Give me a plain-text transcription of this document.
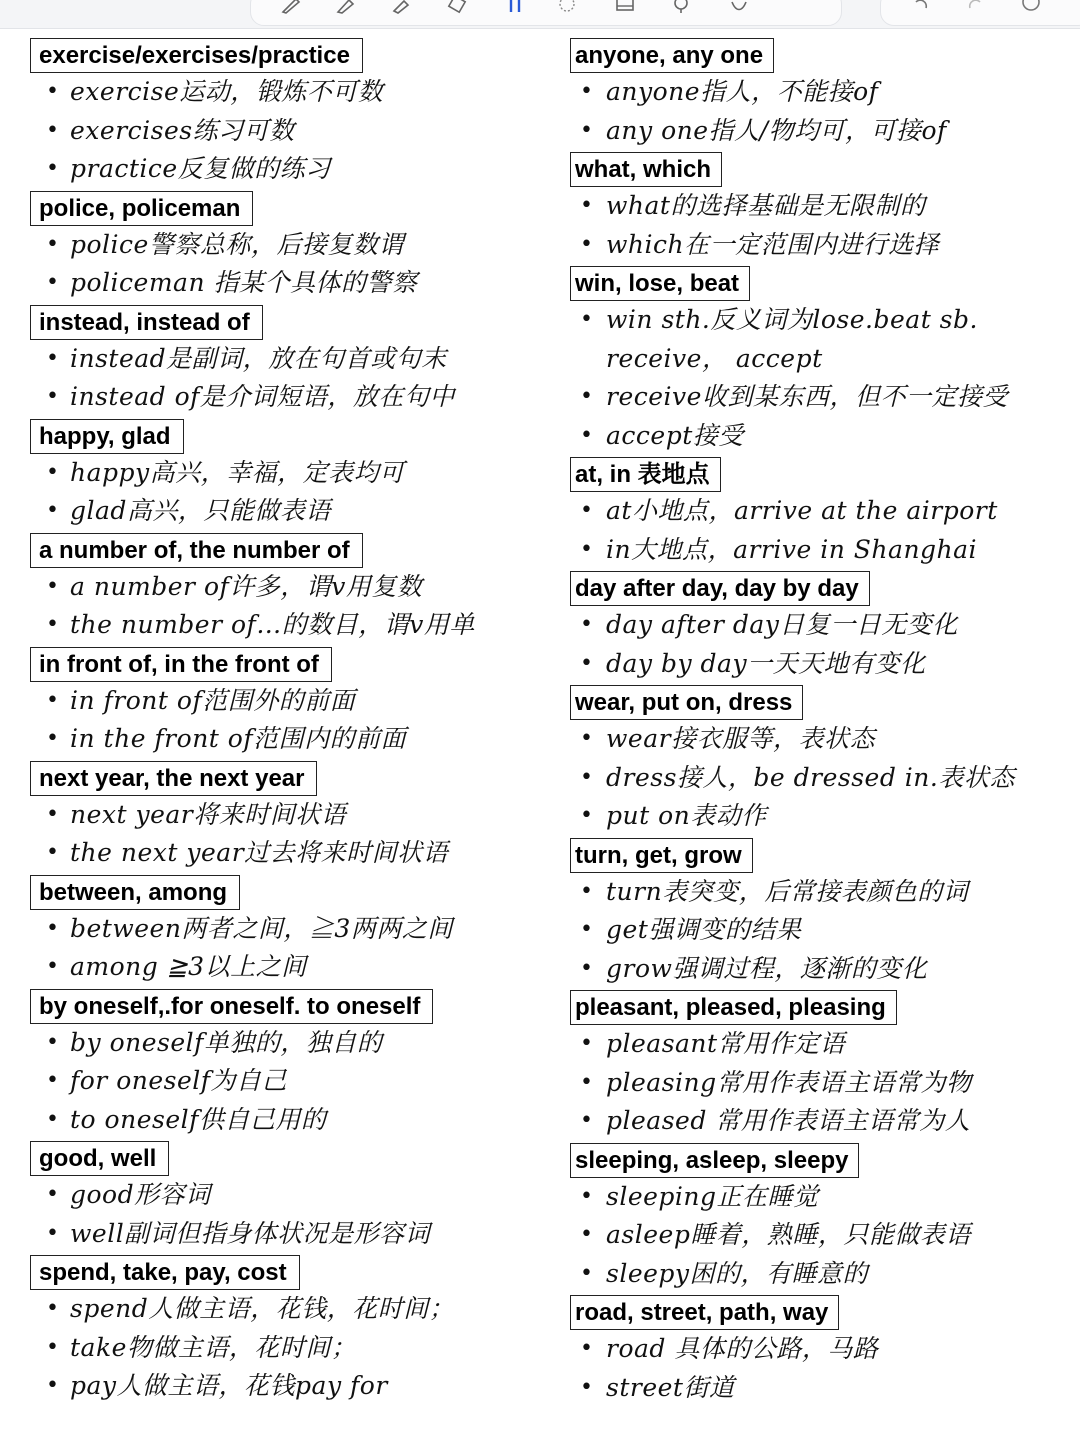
exercise/exercises/practice
• exercise运动，锻炼不可数
• exercises练习可数
• practice反复做的练习
police, policeman
• police警察总称，后接复数谓
• policeman 指某个具体的警察
instead, instead of
• instead是副词，放在句首或句末
• instead of是介词短语，放在句中
happy, glad
• happy高兴，幸福，定表均可
• glad高兴，只能做表语
a number of, the number of
• a number of许多，谓v用复数
• the number of…的数目，谓v用单
in front of, in the front of
• in front of范围外的前面
• in the front of范围内的前面
next year, the next year
• next year将来时间状语
• the next year过去将来时间状语
between, among
• between两者之间，≧3两两之间
• among ≧3以上之间
by oneself,.for oneself. to oneself
• by oneself单独的，独自的
• for oneself为自己
• to oneself供自己用的
good, well
• good形容词
• well副词但指身体状况是形容词
spend, take, pay, cost
• spend人做主语，花钱，花时间；
• take物做主语，花时间；
• pay人做主语，花钱pay for
anyone, any one
• anyone指人，不能接of
• any one指人/物均可，可接of
what, which
• what的选择基础是无限制的
• which在一定范围内进行选择
win, lose, beat
• win sth.反义词为lose.beat sb.
receive， accept
• receive收到某东西，但不一定接受
• accept接受
at, in 表地点
• at小地点，arrive at the airport
• in大地点，arrive in Shanghai
day after day, day by day
• day after day日复一日无变化
• day by day一天天地有变化
wear, put on, dress
• wear接衣服等，表状态
• dress接人，be dressed in.表状态
• put on表动作
turn, get, grow
• turn表突变，后常接表颜色的词
• get强调变的结果
• grow强调过程，逐渐的变化
pleasant, pleased, pleasing
• pleasant常用作定语
• pleasing常用作表语主语常为物
• pleased 常用作表语主语常为人
sleeping, asleep, sleepy
• sleeping正在睡觉
• asleep睡着，熟睡，只能做表语
• sleepy困的，有睡意的
road, street, path, way
• road 具体的公路，马路
• street街道
